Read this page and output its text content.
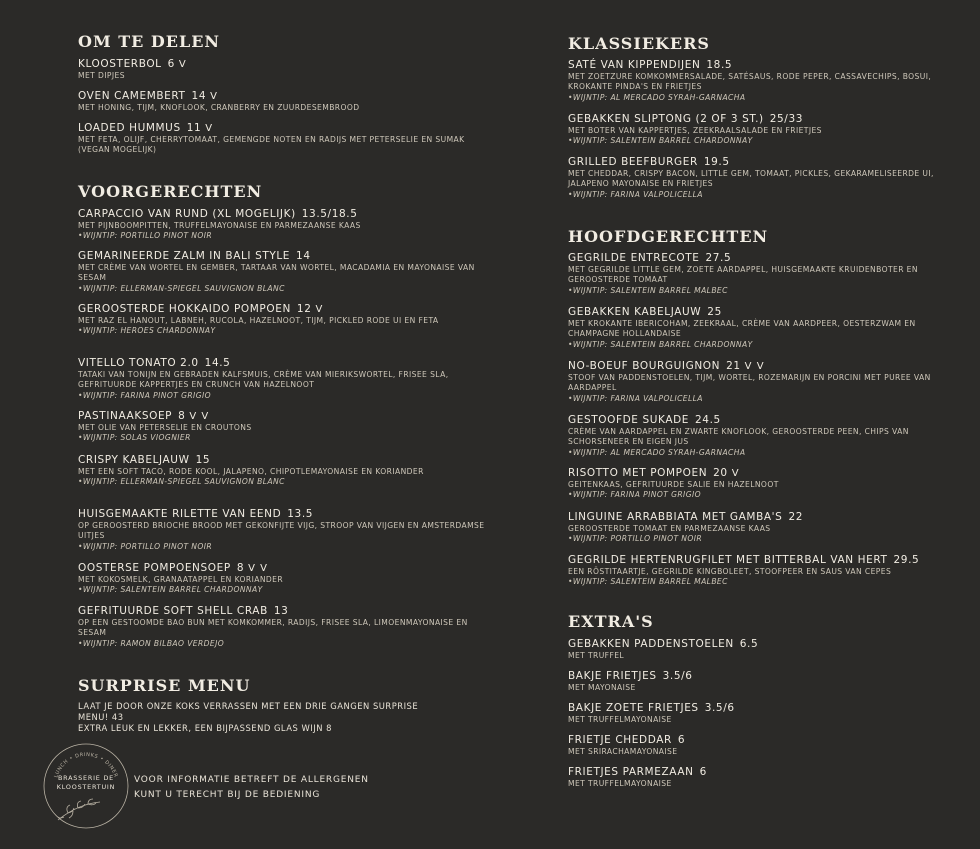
OM TE DELEN
KLOOSTERBOL 6 V
MET DIPJES
OVEN CAMEMBERT 14 V
MET HONING, TIJM, KNOFLOOK, CRANBERRY EN ZUURDESEMBROOD
LOADED HUMMUS 11 V
MET FETA, OLIJF, CHERRYTOMAAT, GEMENGDE NOTEN EN RADIJS MET PETERSELIE EN SUMAK (VEGAN MOGELIJK)
VOORGERECHTEN
CARPACCIO VAN RUND (XL MOGELIJK) 13.5/18.5
MET PIJNBOOMPITTEN, TRUFFELMAYONAISE EN PARMEZAANSE KAAS
•WIJNTIP: PORTILLO PINOT NOIR
GEMARINEERDE ZALM IN BALI STYLE 14
MET CRÈME VAN WORTEL EN GEMBER, TARTAAR VAN WORTEL, MACADAMIA EN MAYONAISE VAN SESAM
•WIJNTIP: ELLERMAN-SPIEGEL SAUVIGNON BLANC
GEROOSTERDE HOKKAIDO POMPOEN 12 V
MET RAZ EL HANOUT, LABNEH, RUCOLA, HAZELNOOT, TIJM, PICKLED RODE UI EN FETA
•WIJNTIP: HEROES CHARDONNAY
VITELLO TONATO 2.0 14.5
TATAKI VAN TONIJN EN GEBRADEN KALFSMUIS, CRÈME VAN MIERIKSWORTEL, FRISEE SLA, GEFRITUURDE KAPPERTJES EN CRUNCH VAN HAZELNOOT
•WIJNTIP: FARINA PINOT GRIGIO
PASTINAAKSOEP 8 V V
MET OLIE VAN PETERSELIE EN CROUTONS
•WIJNTIP: SOLAS VIOGNIER
CRISPY KABELJAUW 15
MET EEN SOFT TACO, RODE KOOL, JALAPENO, CHIPOTLEMAYONAISE EN KORIANDER
•WIJNTIP: ELLERMAN-SPIEGEL SAUVIGNON BLANC
HUISGEMAAKTE RILETTE VAN EEND 13.5
OP GEROOSTERD BRIOCHE BROOD MET GEKONFIJTE VIJG, STROOP VAN VIJGEN EN AMSTERDAMSE UITJES
•WIJNTIP: PORTILLO PINOT NOIR
OOSTERSE POMPOENSOEP 8 V V
MET KOKOSMELK, GRANAATAPPEL EN KORIANDER
•WIJNTIP: SALENTEIN BARREL CHARDONNAY
GEFRITUURDE SOFT SHELL CRAB 13
OP EEN GESTOOMDE BAO BUN MET KOMKOMMER, RADIJS, FRISEE SLA, LIMOENMAYONAISE EN SESAM
•WIJNTIP: RAMON BILBAO VERDEJO
SURPRISE MENU
LAAT JE DOOR ONZE KOKS VERRASSEN MET EEN DRIE GANGEN SURPRISE MENU! 43
EXTRA LEUK EN LEKKER, EEN BIJPASSEND GLAS WIJN 8
LUNCH • DRINKS • DINER
BRASSERIE DE
KLOOSTERTUIN
VOOR INFORMATIE BETREFT DE ALLERGENEN
KUNT U TERECHT BIJ DE BEDIENING
KLASSIEKERS
SATÉ VAN KIPPENDIJEN 18.5
MET ZOETZURE KOMKOMMERSALADE, SATÉSAUS, RODE PEPER, CASSAVECHIPS, BOSUI, KROKANTE PINDA'S EN FRIETJES
•WIJNTIP: AL MERCADO SYRAH-GARNACHA
GEBAKKEN SLIPTONG (2 OF 3 ST.) 25/33
MET BOTER VAN KAPPERTJES, ZEEKRAALSALADE EN FRIETJES
•WIJNTIP: SALENTEIN BARREL CHARDONNAY
GRILLED BEEFBURGER 19.5
MET CHEDDAR, CRISPY BACON, LITTLE GEM, TOMAAT, PICKLES, GEKARAMELISEERDE UI, JALAPENO MAYONAISE EN FRIETJES
•WIJNTIP: FARINA VALPOLICELLA
HOOFDGERECHTEN
GEGRILDE ENTRECOTE 27.5
MET GEGRILDE LITTLE GEM, ZOETE AARDAPPEL, HUISGEMAAKTE KRUIDENBOTER EN GEROOSTERDE TOMAAT
•WIJNTIP: SALENTEIN BARREL MALBEC
GEBAKKEN KABELJAUW 25
MET KROKANTE IBERICOHAM, ZEEKRAAL, CRÈME VAN AARDPEER, OESTERZWAM EN CHAMPAGNE HOLLANDAISE
•WIJNTIP: SALENTEIN BARREL CHARDONNAY
NO-BOEUF BOURGUIGNON 21 V V
STOOF VAN PADDENSTOELEN, TIJM, WORTEL, ROZEMARIJN EN PORCINI MET PUREE VAN AARDAPPEL
•WIJNTIP: FARINA VALPOLICELLA
GESTOOFDE SUKADE 24.5
CRÈME VAN AARDAPPEL EN ZWARTE KNOFLOOK, GEROOSTERDE PEEN, CHIPS VAN SCHORSENEER EN EIGEN JUS
•WIJNTIP: AL MERCADO SYRAH-GARNACHA
RISOTTO MET POMPOEN 20 V
GEITENKAAS, GEFRITUURDE SALIE EN HAZELNOOT
•WIJNTIP: FARINA PINOT GRIGIO
LINGUINE ARRABBIATA MET GAMBA'S 22
GEROOSTERDE TOMAAT EN PARMEZAANSE KAAS
•WIJNTIP: PORTILLO PINOT NOIR
GEGRILDE HERTENRUGFILET MET BITTERBAL VAN HERT 29.5
EEN RÖSTITAARTJE, GEGRILDE KINGBOLEET, STOOFPEER EN SAUS VAN CEPES
•WIJNTIP: SALENTEIN BARREL MALBEC
EXTRA'S
GEBAKKEN PADDENSTOELEN 6.5
MET TRUFFEL
BAKJE FRIETJES 3.5/6
MET MAYONAISE
BAKJE ZOETE FRIETJES 3.5/6
MET TRUFFELMAYONAISE
FRIETJE CHEDDAR 6
MET SRIRACHAMAYONAISE
FRIETJES PARMEZAAN 6
MET TRUFFELMAYONAISE
